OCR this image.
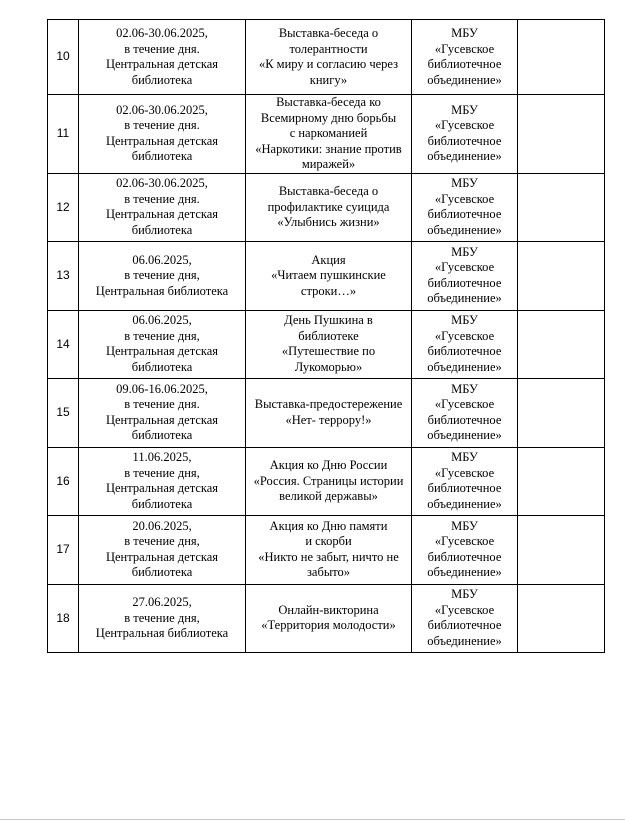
10	02.06-30.06.2025,
в течение дня.
Центральная детская
библиотека	Выставка-беседа о
толерантности
«К миру и согласию через
книгу»	МБУ
«Гусевское
библиотечное
объединение»	
11	02.06-30.06.2025,
в течение дня.
Центральная детская
библиотека	Выставка-беседа ко
Всемирному дню борьбы
с наркоманией
«Наркотики: знание против
миражей»	МБУ
«Гусевское
библиотечное
объединение»	
12	02.06-30.06.2025,
в течение дня.
Центральная детская
библиотека	Выставка-беседа о
профилактике суицида
«Улыбнись жизни»	МБУ
«Гусевское
библиотечное
объединение»	
13	06.06.2025,
в течение дня,
Центральная библиотека	Акция
«Читаем пушкинские
строки…»	МБУ
«Гусевское
библиотечное
объединение»	
14	06.06.2025,
в течение дня,
Центральная детская
библиотека	День Пушкина в
библиотеке
«Путешествие по
Лукоморью»	МБУ
«Гусевское
библиотечное
объединение»	
15	09.06-16.06.2025,
в течение дня.
Центральная детская
библиотека	Выставка-предостережение
«Нет- террору!»	МБУ
«Гусевское
библиотечное
объединение»	
16	11.06.2025,
в течение дня,
Центральная детская
библиотека	Акция ко Дню России
«Россия. Страницы истории
великой державы»	МБУ
«Гусевское
библиотечное
объединение»	
17	20.06.2025,
в течение дня,
Центральная детская
библиотека	Акция ко Дню памяти
и скорби
«Никто не забыт, ничто не
забыто»	МБУ
«Гусевское
библиотечное
объединение»	
18	27.06.2025,
в течение дня,
Центральная библиотека	Онлайн-викторина
«Территория молодости»	МБУ
«Гусевское
библиотечное
объединение»	
